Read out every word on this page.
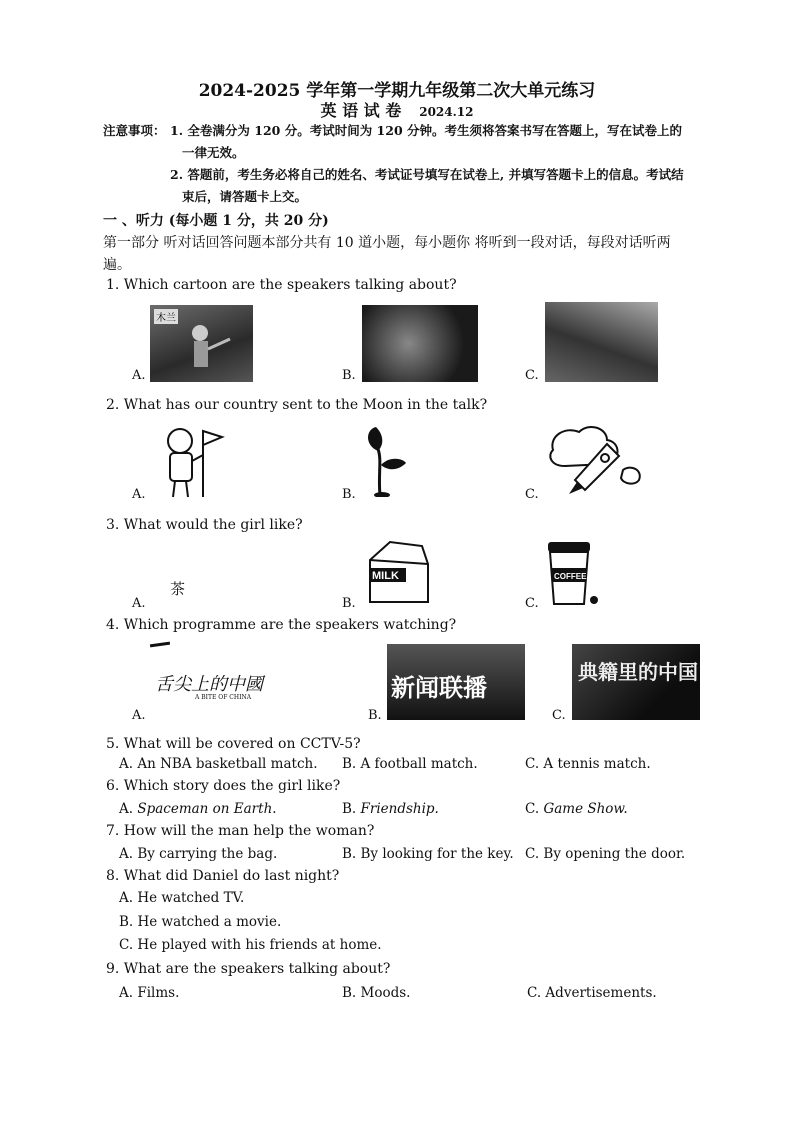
2024-2025 学年第一学期九年级第二次大单元练习
英 语 试 卷 2024.12
注意事项： 1. 全卷满分为 120 分。考试时间为 120 分钟。考生须将答案书写在答题上，写在试卷上的
一律无效。
2. 答题前，考生务必将自己的姓名、考试证号填写在试卷上, 并填写答题卡上的信息。考试结
束后，请答题卡上交。
一 、听力 (每小题 1 分，共 20 分)
第一部分 听对话回答问题本部分共有 10 道小题，每小题你 将听到一段对话，每段对话听两
遍。
1. Which cartoon are the speakers talking about?
A.
木兰
B.	C.
2. What has our country sent to the Moon in the talk?
A.	B.	C.
3. What would the girl like?
A.
茶
B.
MILK
C.
COFFEE
4. Which programme are the speakers watching?
A.
舌尖上的中國
A BITE OF CHINA
B.
新闻联播
C.
典籍里的中国
5. What will be covered on CCTV-5?
A. An NBA basketball match. B. A football match.	C. A tennis match.
6. Which story does the girl like?
A. Spaceman on Earth.	B. Friendship.	C. Game Show.
7. How will the man help the woman?
A. By carrying the bag.	B. By looking for the key. C. By opening the door.
8. What did Daniel do last night?
A. He watched TV.
B. He watched a movie.
C. He played with his friends at home.
9. What are the speakers talking about?
A. Films.	B. Moods.	C. Advertisements.
